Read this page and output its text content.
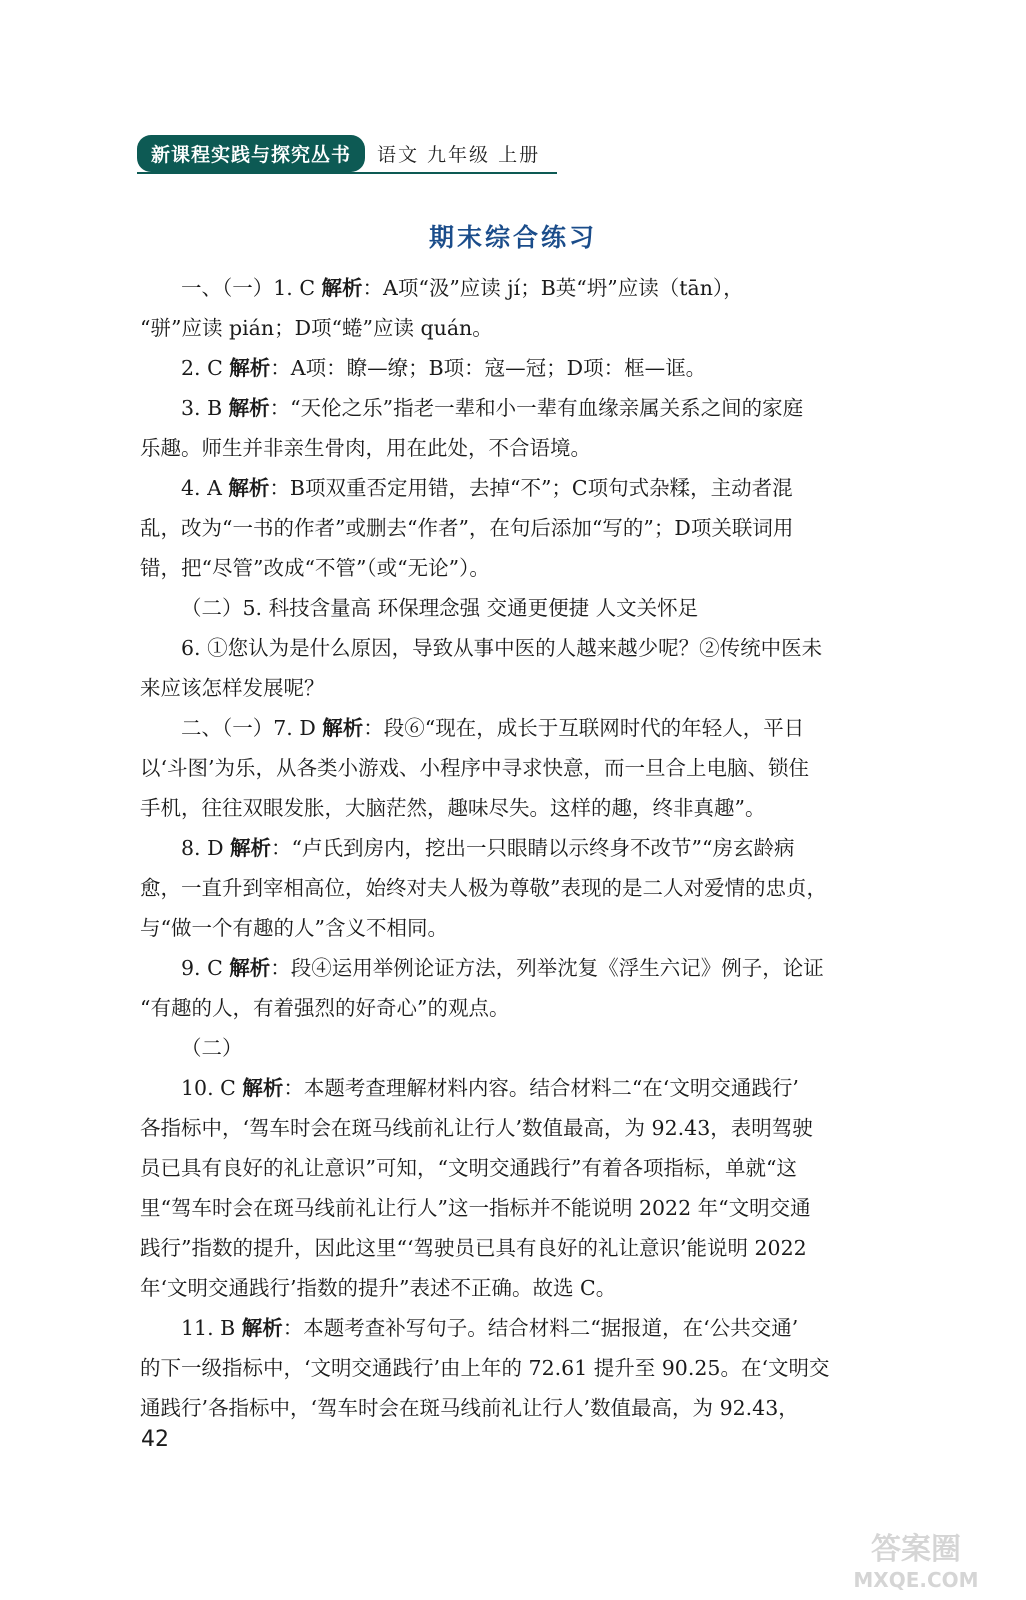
新课程实践与探究丛书	语文 九年级 上册
期末综合练习

一、（一）1. C 解析：A项“汲”应读 jí；B英“坍”应读（tān），

“骈”应读 pián；D项“蜷”应读 quán。

2. C 解析：A项：瞭—缭；B项：寇—冠；D项：框—诓。

3. B 解析：“天伦之乐”指老一辈和小一辈有血缘亲属关系之间的家庭

乐趣。师生并非亲生骨肉，用在此处，不合语境。

4. A 解析：B项双重否定用错，去掉“不”；C项句式杂糅，主动者混

乱，改为“一书的作者”或删去“作者”，在句后添加“写的”；D项关联词用

错，把“尽管”改成“不管”（或“无论”）。

（二）5. 科技含量高 环保理念强 交通更便捷 人文关怀足

6. ①您认为是什么原因，导致从事中医的人越来越少呢？②传统中医未

来应该怎样发展呢？

二、（一）7. D 解析：段⑥“现在，成长于互联网时代的年轻人，平日

以‘斗图’为乐，从各类小游戏、小程序中寻求快意，而一旦合上电脑、锁住

手机，往往双眼发胀，大脑茫然，趣味尽失。这样的趣，终非真趣”。

8. D 解析：“卢氏到房内，挖出一只眼睛以示终身不改节”“房玄龄病

愈，一直升到宰相高位，始终对夫人极为尊敬”表现的是二人对爱情的忠贞，

与“做一个有趣的人”含义不相同。

9. C 解析：段④运用举例论证方法，列举沈复《浮生六记》例子，论证

“有趣的人，有着强烈的好奇心”的观点。

（二）

10. C 解析：本题考查理解材料内容。结合材料二“在‘文明交通践行’

各指标中，‘驾车时会在斑马线前礼让行人’数值最高，为 92.43，表明驾驶

员已具有良好的礼让意识”可知，“文明交通践行”有着各项指标，单就“这

里“驾车时会在斑马线前礼让行人”这一指标并不能说明 2022 年“文明交通

践行”指数的提升，因此这里“‘驾驶员已具有良好的礼让意识’能说明 2022

年‘文明交通践行’指数的提升”表述不正确。故选 C。

11. B 解析：本题考查补写句子。结合材料二“据报道，在‘公共交通’

的下一级指标中，‘文明交通践行’由上年的 72.61 提升至 90.25。在‘文明交

通践行’各指标中，‘驾车时会在斑马线前礼让行人’数值最高，为 92.43，

42
答案圈
MXQE.COM
